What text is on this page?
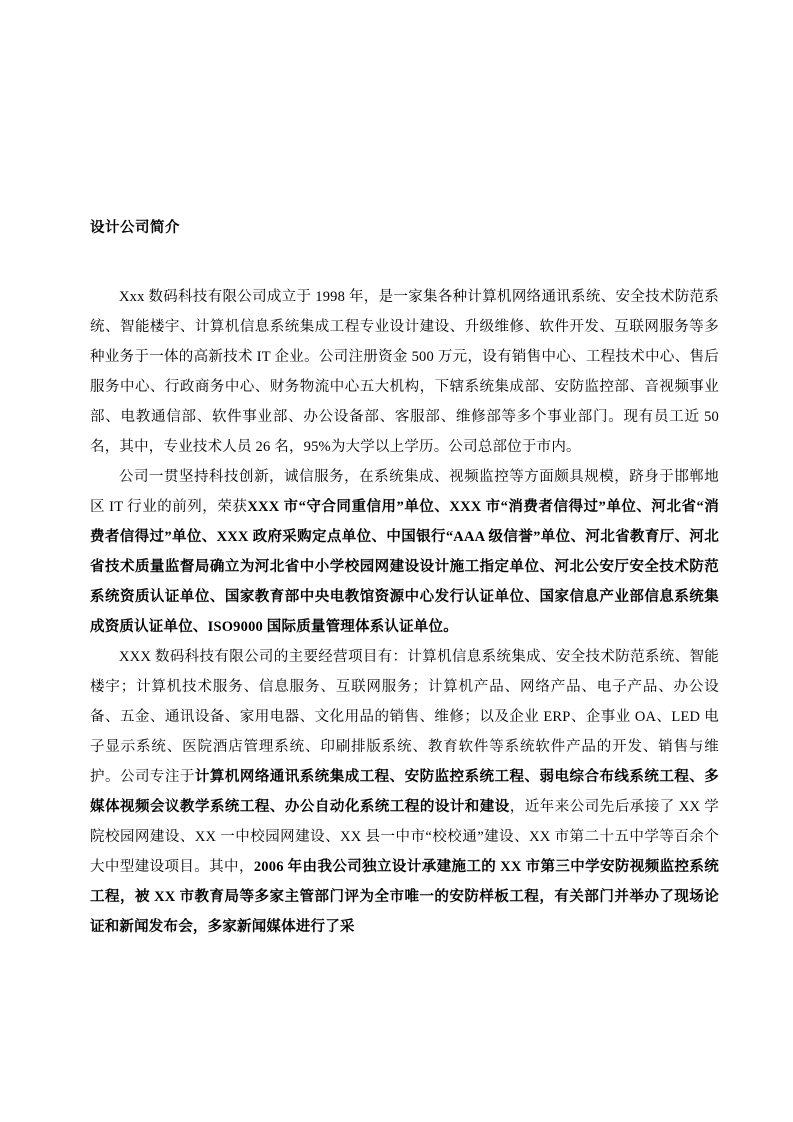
设计公司简介

Xxx 数码科技有限公司成立于 1998 年，是一家集各种计算机网络通讯系统、安全技术防范系统、智能楼宇、计算机信息系统集成工程专业设计建设、升级维修、软件开发、互联网服务等多种业务于一体的高新技术 IT 企业。公司注册资金 500 万元，设有销售中心、工程技术中心、售后服务中心、行政商务中心、财务物流中心五大机构，下辖系统集成部、安防监控部、音视频事业部、电教通信部、软件事业部、办公设备部、客服部、维修部等多个事业部门。现有员工近 50 名，其中，专业技术人员 26 名，95%为大学以上学历。公司总部位于市内。

公司一贯坚持科技创新，诚信服务，在系统集成、视频监控等方面颇具规模，跻身于邯郸地区 IT 行业的前列，荣获XXX 市“守合同重信用”单位、XXX 市“消费者信得过”单位、河北省“消费者信得过”单位、XXX 政府采购定点单位、中国银行“AAA 级信誉”单位、河北省教育厅、河北省技术质量监督局确立为河北省中小学校园网建设设计施工指定单位、河北公安厅安全技术防范系统资质认证单位、国家教育部中央电教馆资源中心发行认证单位、国家信息产业部信息系统集成资质认证单位、ISO9000 国际质量管理体系认证单位。

XXX 数码科技有限公司的主要经营项目有：计算机信息系统集成、安全技术防范系统、智能楼宇；计算机技术服务、信息服务、互联网服务；计算机产品、网络产品、电子产品、办公设备、五金、通讯设备、家用电器、文化用品的销售、维修；以及企业 ERP、企事业 OA、LED 电子显示系统、医院酒店管理系统、印刷排版系统、教育软件等系统软件产品的开发、销售与维护。公司专注于计算机网络通讯系统集成工程、安防监控系统工程、弱电综合布线系统工程、多媒体视频会议教学系统工程、办公自动化系统工程的设计和建设，近年来公司先后承接了 XX 学院校园网建设、XX 一中校园网建设、XX 县一中市“校校通”建设、XX 市第二十五中学等百余个大中型建设项目。其中，2006 年由我公司独立设计承建施工的 XX 市第三中学安防视频监控系统工程，被 XX 市教育局等多家主管部门评为全市唯一的安防样板工程，有关部门并举办了现场论证和新闻发布会，多家新闻媒体进行了采
